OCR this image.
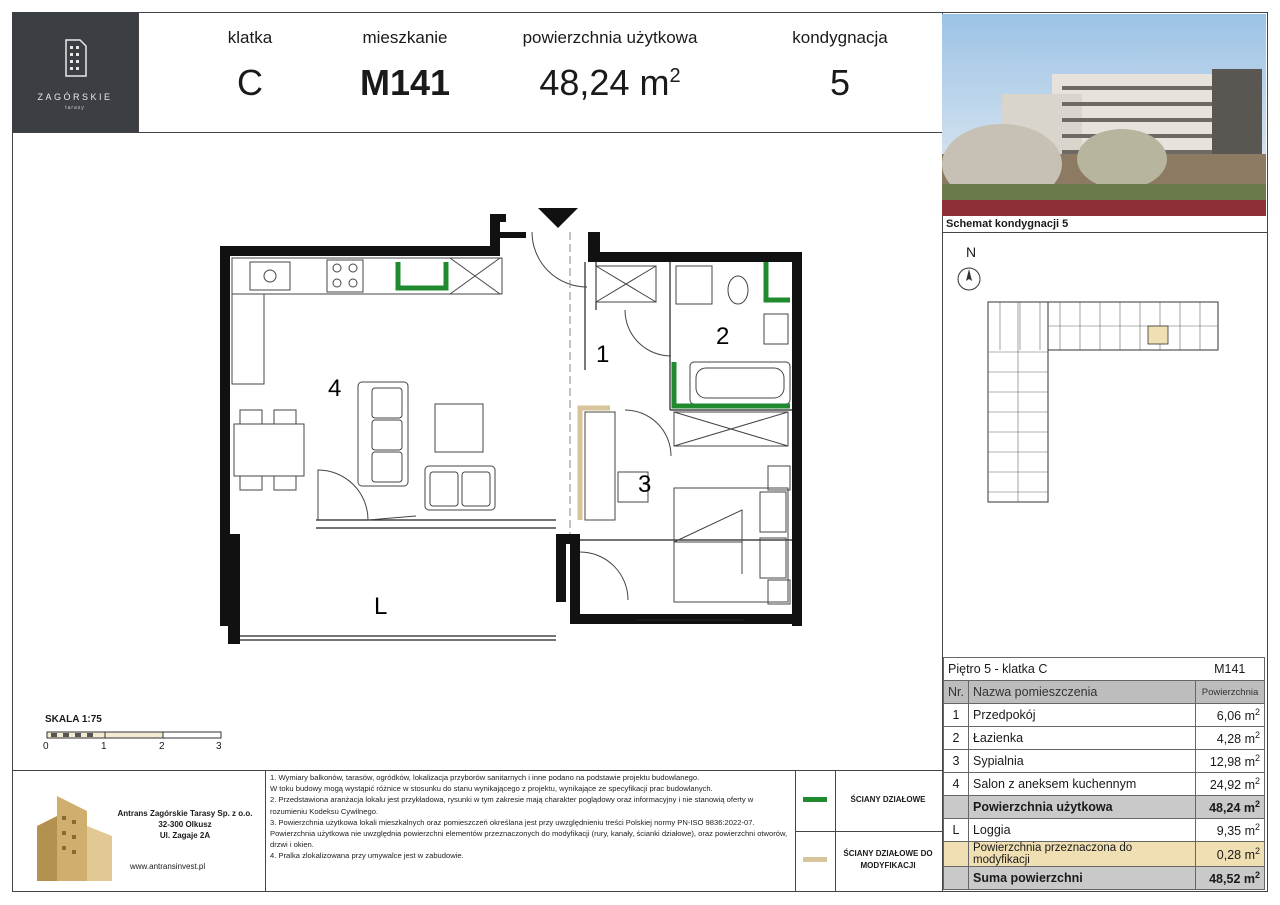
ZAGÓRSKIE
tarasy
klatka
C
mieszkanie
M141
powierzchnia użytkowa
48,24 $m^2$
kondygnacja
5
4
1
2
3
L
SKALA 1:75
0	1	2	3
Schemat kondygnacji 5
N
Piętro 5 - klatka C		M141
Nr.	Nazwa pomieszczenia	Powierzchnia
1	Przedpokój	6,06 $m^2$
2	Łazienka	4,28 $m^2$
3	Sypialnia	12,98 $m^2$
4	Salon z aneksem kuchennym	24,92 $m^2$
	Powierzchnia użytkowa	48,24 $m^2$
L	Loggia	9,35 $m^2$
	Powierzchnia przeznaczona do modyfikacji	0,28 $m^2$
	Suma powierzchni	48,52 $m^2$
Antrans Zagórskie Tarasy Sp. z o.o.
32-300 Olkusz
Ul. Zagaje 2A
www.antransinvest.pl
1. Wymiary balkonów, tarasów, ogródków, lokalizacja przyborów sanitarnych i inne podano na podstawie projektu budowlanego.
W toku budowy mogą wystąpić różnice w stosunku do stanu wynikającego z projektu, wynikające ze specyfikacji prac budowlanych.
2. Przedstawiona aranżacja lokalu jest przykładowa, rysunki w tym zakresie mają charakter poglądowy oraz informacyjny i nie stanowią oferty w rozumieniu Kodeksu Cywilnego.
3. Powierzchnia użytkowa lokali mieszkalnych oraz pomieszczeń określana jest przy uwzględnieniu treści Polskiej normy PN-ISO 9836:2022-07.
Powierzchnia użytkowa nie uwzględnia powierzchni elementów przeznaczonych do modyfikacji (rury, kanały, ścianki działowe), oraz powierzchni otworów, drzwi i okien.
4. Pralka zlokalizowana przy umywalce jest w zabudowie.
ŚCIANY DZIAŁOWE
ŚCIANY DZIAŁOWE DO MODYFIKACJI
